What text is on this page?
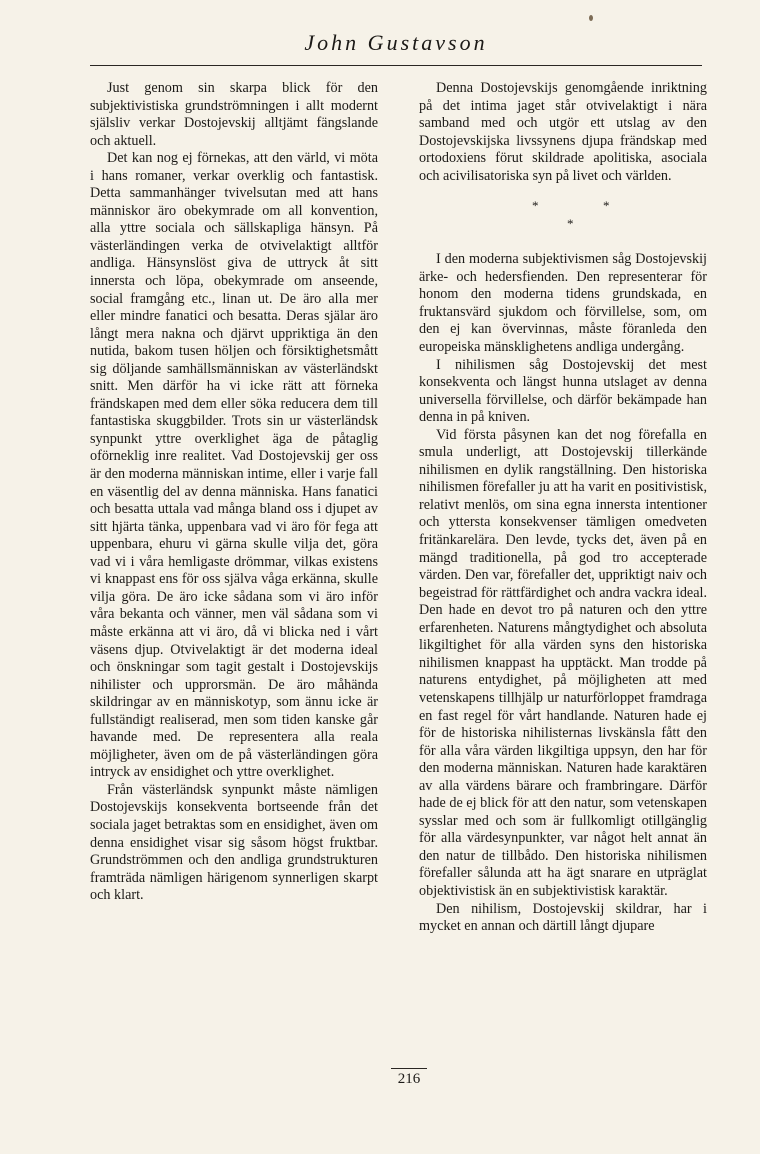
John Gustavson

Just genom sin skarpa blick för den subjektivistiska grundströmningen i allt modernt själsliv verkar Dostojevskij alltjämt fängslande och aktuell.

Det kan nog ej förnekas, att den värld, vi möta i hans romaner, verkar overklig och fantastisk. Detta sammanhänger tvivelsutan med att hans människor äro obekymrade om all konvention, alla yttre sociala och sällskapliga hänsyn. På västerländingen verka de otvivelaktigt alltför andliga. Hänsynslöst giva de uttryck åt sitt innersta och löpa, obekymrade om anseende, social framgång etc., linan ut. De äro alla mer eller mindre fanatici och besatta. Deras själar äro långt mera nakna och djärvt uppriktiga än den nutida, bakom tusen höljen och försiktighetsmått sig döljande samhällsmänniskan av västerländskt snitt. Men därför ha vi icke rätt att förneka frändskapen med dem eller söka reducera dem till fantastiska skuggbilder. Trots sin ur västerländsk synpunkt yttre overklighet äga de påtaglig oförneklig inre realitet. Vad Dostojevskij ger oss är den moderna människan intime, eller i varje fall en väsentlig del av denna människa. Hans fanatici och besatta uttala vad många bland oss i djupet av sitt hjärta tänka, uppenbara vad vi äro för fega att uppenbara, ehuru vi gärna skulle vilja det, göra vad vi i våra hemligaste drömmar, vilkas existens vi knappast ens för oss själva våga erkänna, skulle vilja göra. De äro icke sådana som vi äro inför våra bekanta och vänner, men väl sådana som vi måste erkänna att vi äro, då vi blicka ned i vårt väsens djup. Otvivelaktigt är det moderna ideal och önskningar som tagit gestalt i Dostojevskijs nihilister och upprorsmän. De äro måhända skildringar av en människotyp, som ännu icke är fullständigt realiserad, men som tiden kanske går havande med. De representera alla reala möjligheter, även om de på västerländingen göra intryck av ensidighet och yttre overklighet.

Från västerländsk synpunkt måste nämligen Dostojevskijs konsekventa bortseende från det sociala jaget betraktas som en ensidighet, även om denna ensidighet visar sig såsom högst fruktbar. Grundströmmen och den andliga grundstrukturen framträda nämligen härigenom synnerligen skarpt och klart.

Denna Dostojevskijs genomgående inriktning på det intima jaget står otvivelaktigt i nära samband med och utgör ett utslag av den Dostojevskijska livssynens djupa frändskap med ortodoxiens förut skildrade apolitiska, asociala och acivilisatoriska syn på livet och världen.

*	*
*

I den moderna subjektivismen såg Dostojevskij ärke- och hedersfienden. Den representerar för honom den moderna tidens grundskada, en fruktansvärd sjukdom och förvillelse, som, om den ej kan övervinnas, måste föranleda den europeiska mänsklighetens andliga undergång.

I nihilismen såg Dostojevskij det mest konsekventa och längst hunna utslaget av denna universella förvillelse, och därför bekämpade han denna in på kniven.

Vid första påsynen kan det nog förefalla en smula underligt, att Dostojevskij tillerkände nihilismen en dylik rangställning. Den historiska nihilismen förefaller ju att ha varit en positivistisk, relativt menlös, om sina egna innersta intentioner och yttersta konsekvenser tämligen omedveten fritänkarelära. Den levde, tycks det, även på en mängd traditionella, på god tro accepterade värden. Den var, förefaller det, uppriktigt naiv och begeistrad för rättfärdighet och andra vackra ideal. Den hade en devot tro på naturen och den yttre erfarenheten. Naturens mångtydighet och absoluta likgiltighet för alla värden syns den historiska nihilismen knappast ha upptäckt. Man trodde på naturens entydighet, på möjligheten att med vetenskapens tillhjälp ur naturförloppet framdraga en fast regel för vårt handlande. Naturen hade ej för de historiska nihilisternas livskänsla fått den för alla våra värden likgiltiga uppsyn, den har för den moderna människan. Naturen hade karaktären av alla värdens bärare och frambringare. Därför hade de ej blick för att den natur, som vetenskapen sysslar med och som är fullkomligt otillgänglig för alla värdesynpunkter, var något helt annat än den natur de tillbådo. Den historiska nihilismen förefaller sålunda att ha ägt snarare en utpräglat objektivistisk än en subjektivistisk karaktär.

Den nihilism, Dostojevskij skildrar, har i mycket en annan och därtill långt djupare

216
